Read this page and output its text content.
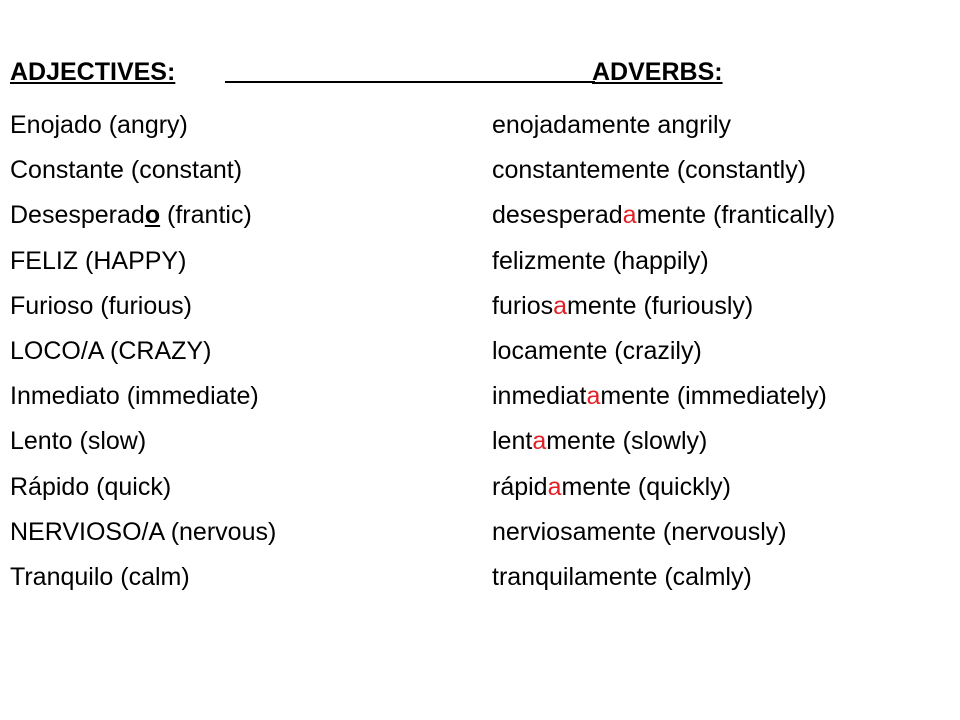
ADJECTIVES:	ADVERBS:
Enojado (angry)	enojadamente angrily
Constante (constant)	constantemente (constantly)
Desesperado (frantic)	desesperadamente (frantically)
FELIZ (HAPPY)	felizmente (happily)
Furioso (furious)	furiosamente (furiously)
LOCO/A (CRAZY)	locamente (crazily)
Inmediato (immediate)	inmediatamente (immediately)
Lento (slow)	lentamente (slowly)
Rápido (quick)	rápidamente (quickly)
NERVIOSO/A (nervous)	nerviosamente (nervously)
Tranquilo (calm)	tranquilamente (calmly)
